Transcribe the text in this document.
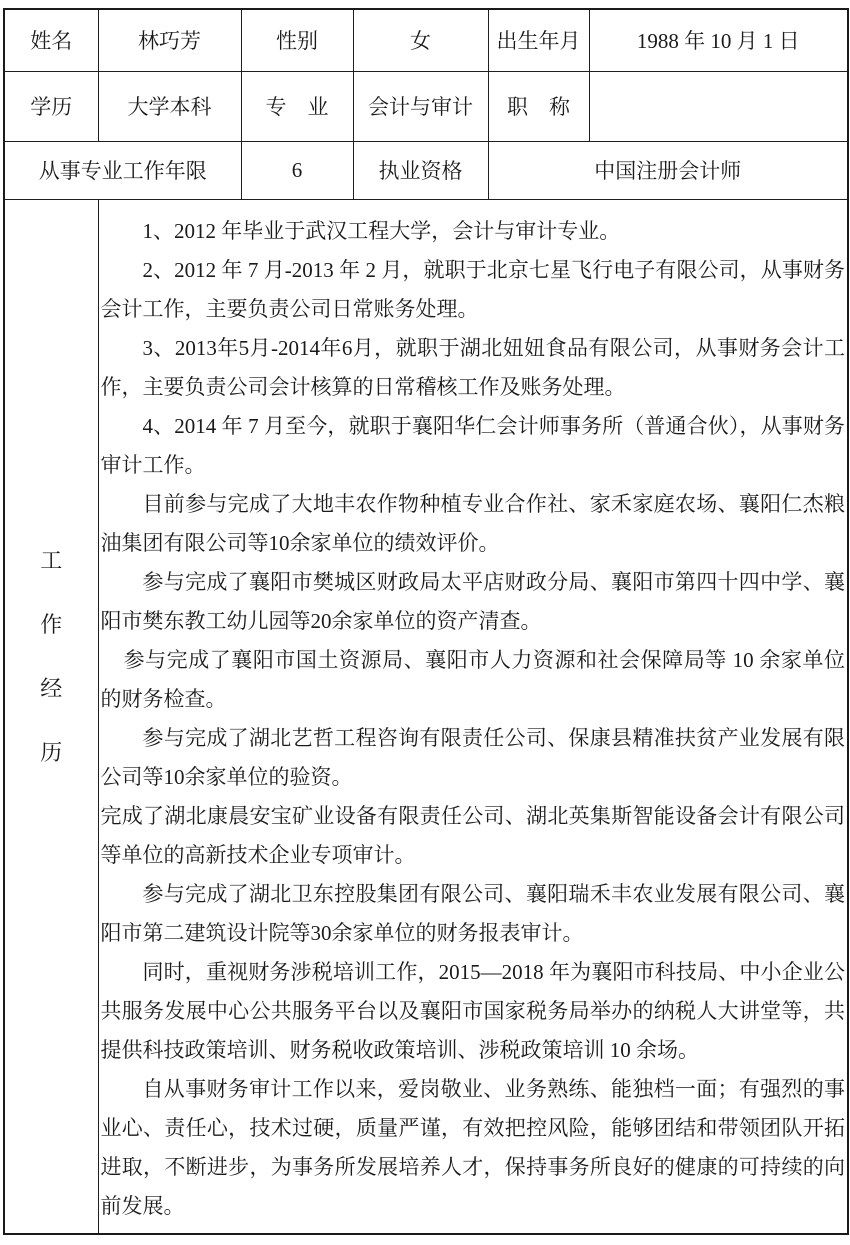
姓名	林巧芳	性别	女	出生年月	1988 年 10 月 1 日
学历	大学本科	专　业	会计与审计	职　称	
从事专业工作年限		6	执业资格	中国注册会计师	

工
作
经
历

1、2012 年毕业于武汉工程大学，会计与审计专业。

2、2012 年 7 月-2013 年 2 月，就职于北京七星飞行电子有限公司，从事财务会计工作，主要负责公司日常账务处理。

3、2013年5月-2014年6月，就职于湖北妞妞食品有限公司，从事财务会计工作，主要负责公司会计核算的日常稽核工作及账务处理。

4、2014 年 7 月至今，就职于襄阳华仁会计师事务所（普通合伙），从事财务审计工作。

目前参与完成了大地丰农作物种植专业合作社、家禾家庭农场、襄阳仁杰粮油集团有限公司等10余家单位的绩效评价。

参与完成了襄阳市樊城区财政局太平店财政分局、襄阳市第四十四中学、襄阳市樊东教工幼儿园等20余家单位的资产清查。

参与完成了襄阳市国土资源局、襄阳市人力资源和社会保障局等 10 余家单位的财务检查。

参与完成了湖北艺哲工程咨询有限责任公司、保康县精准扶贫产业发展有限公司等10余家单位的验资。

完成了湖北康晨安宝矿业设备有限责任公司、湖北英集斯智能设备会计有限公司等单位的高新技术企业专项审计。

参与完成了湖北卫东控股集团有限公司、襄阳瑞禾丰农业发展有限公司、襄阳市第二建筑设计院等30余家单位的财务报表审计。

同时，重视财务涉税培训工作，2015—2018 年为襄阳市科技局、中小企业公共服务发展中心公共服务平台以及襄阳市国家税务局举办的纳税人大讲堂等，共提供科技政策培训、财务税收政策培训、涉税政策培训 10 余场。

自从事财务审计工作以来，爱岗敬业、业务熟练、能独档一面；有强烈的事业心、责任心，技术过硬，质量严谨，有效把控风险，能够团结和带领团队开拓进取，不断进步，为事务所发展培养人才，保持事务所良好的健康的可持续的向前发展。
